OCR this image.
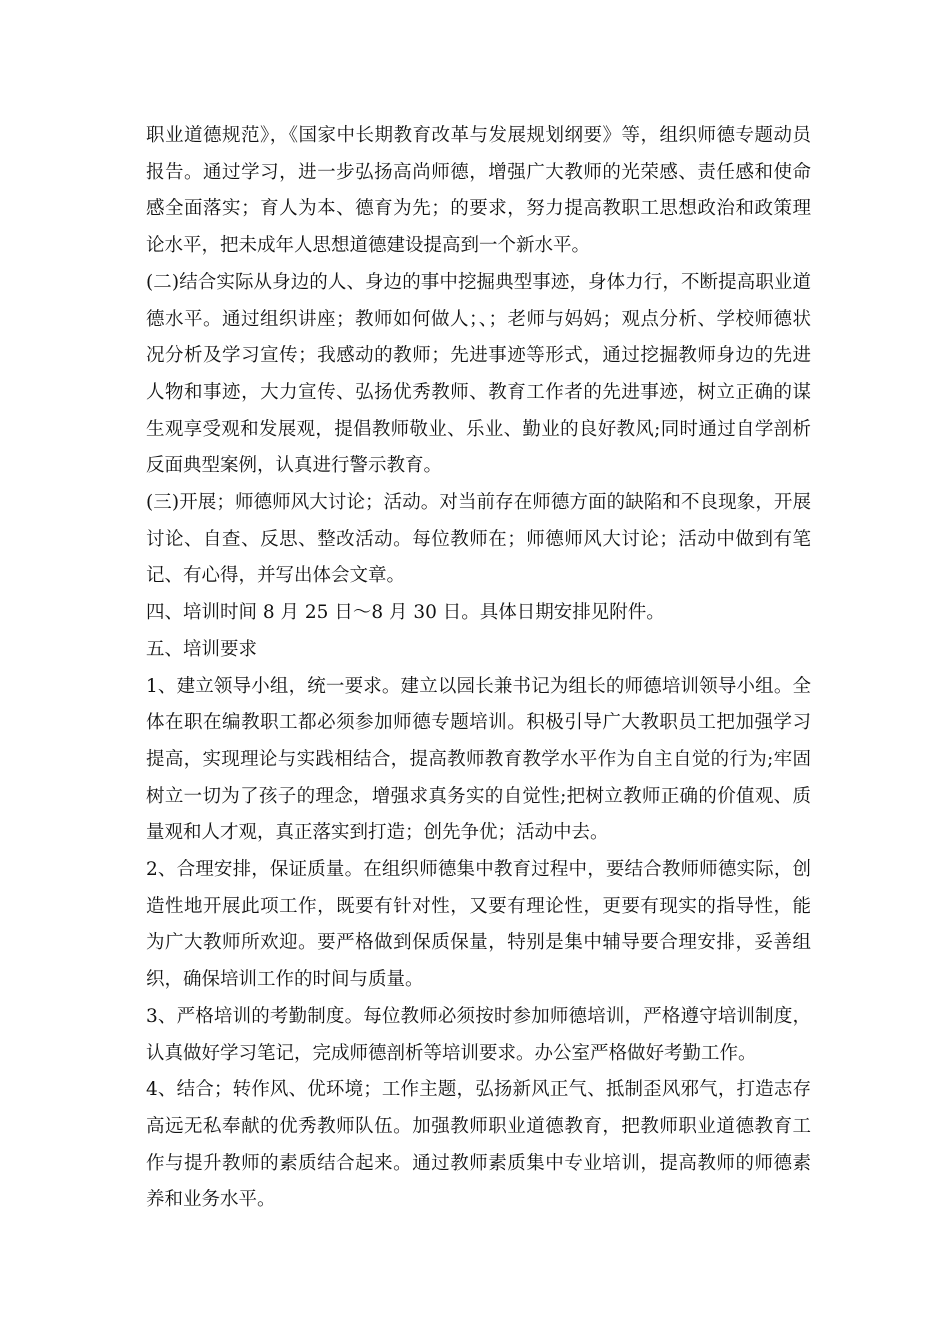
职业道德规范》，《国家中长期教育改革与发展规划纲要》等，组织师德专题动员报告。通过学习，进一步弘扬高尚师德，增强广大教师的光荣感、责任感和使命感全面落实；育人为本、德育为先；的要求，努力提高教职工思想政治和政策理论水平，把未成年人思想道德建设提高到一个新水平。

(二)结合实际从身边的人、身边的事中挖掘典型事迹，身体力行，不断提高职业道德水平。通过组织讲座；教师如何做人；、；老师与妈妈；观点分析、学校师德状况分析及学习宣传；我感动的教师；先进事迹等形式，通过挖掘教师身边的先进人物和事迹，大力宣传、弘扬优秀教师、教育工作者的先进事迹，树立正确的谋生观享受观和发展观，提倡教师敬业、乐业、勤业的良好教风;同时通过自学剖析反面典型案例，认真进行警示教育。

(三)开展；师德师风大讨论；活动。对当前存在师德方面的缺陷和不良现象，开展讨论、自查、反思、整改活动。每位教师在；师德师风大讨论；活动中做到有笔记、有心得，并写出体会文章。

四、培训时间 8 月 25 日～8 月 30 日。具体日期安排见附件。

五、培训要求

1、建立领导小组，统一要求。建立以园长兼书记为组长的师德培训领导小组。全体在职在编教职工都必须参加师德专题培训。积极引导广大教职员工把加强学习提高，实现理论与实践相结合，提高教师教育教学水平作为自主自觉的行为;牢固树立一切为了孩子的理念，增强求真务实的自觉性;把树立教师正确的价值观、质量观和人才观，真正落实到打造；创先争优；活动中去。

2、合理安排，保证质量。在组织师德集中教育过程中，要结合教师师德实际，创造性地开展此项工作，既要有针对性，又要有理论性，更要有现实的指导性，能为广大教师所欢迎。要严格做到保质保量，特别是集中辅导要合理安排，妥善组织，确保培训工作的时间与质量。

3、严格培训的考勤制度。每位教师必须按时参加师德培训，严格遵守培训制度，认真做好学习笔记，完成师德剖析等培训要求。办公室严格做好考勤工作。

4、结合；转作风、优环境；工作主题，弘扬新风正气、抵制歪风邪气，打造志存高远无私奉献的优秀教师队伍。加强教师职业道德教育，把教师职业道德教育工作与提升教师的素质结合起来。通过教师素质集中专业培训，提高教师的师德素养和业务水平。
